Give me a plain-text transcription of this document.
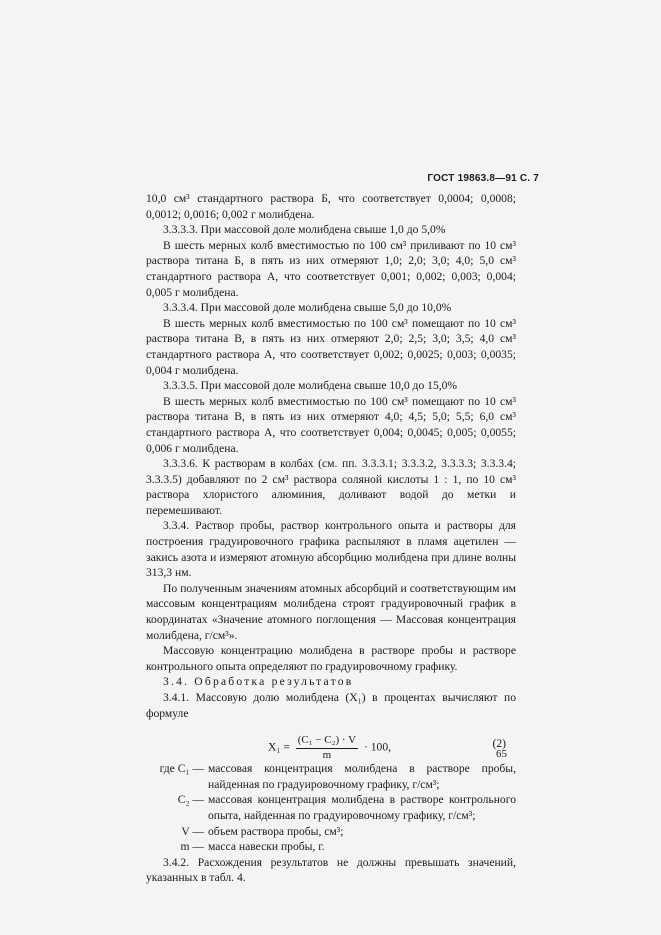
ГОСТ 19863.8—91 С. 7

10,0 см³ стандартного раствора Б, что соответствует 0,0004; 0,0008; 0,0012; 0,0016; 0,002 г молибдена.

3.3.3.3. При массовой доле молибдена свыше 1,0 до 5,0%

В шесть мерных колб вместимостью по 100 см³ приливают по 10 см³ раствора титана Б, в пять из них отмеряют 1,0; 2,0; 3,0; 4,0; 5,0 см³ стандартного раствора А, что соответствует 0,001; 0,002; 0,003; 0,004; 0,005 г молибдена.

3.3.3.4. При массовой доле молибдена свыше 5,0 до 10,0%

В шесть мерных колб вместимостью по 100 см³ помещают по 10 см³ раствора титана В, в пять из них отмеряют 2,0; 2,5; 3,0; 3,5; 4,0 см³ стандартного раствора А, что соответствует 0,002; 0,0025; 0,003; 0,0035; 0,004 г молибдена.

3.3.3.5. При массовой доле молибдена свыше 10,0 до 15,0%

В шесть мерных колб вместимостью по 100 см³ помещают по 10 см³ раствора титана В, в пять из них отмеряют 4,0; 4,5; 5,0; 5,5; 6,0 см³ стандартного раствора А, что соответствует 0,004; 0,0045; 0,005; 0,0055; 0,006 г молибдена.

3.3.3.6. К растворам в колбах (см. пп. 3.3.3.1; 3.3.3.2, 3.3.3.3; 3.3.3.4; 3.3.3.5) добавляют по 2 см³ раствора соляной кислоты 1 : 1, по 10 см³ раствора хлористого алюминия, доливают водой до метки и перемешивают.

3.3.4. Раствор пробы, раствор контрольного опыта и растворы для построения градуировочного графика распыляют в пламя ацетилен — закись азота и измеряют атомную абсорбцию молибдена при длине волны 313,3 нм.

По полученным значениям атомных абсорбций и соответствующим им массовым концентрациям молибдена строят градуировочный график в координатах «Значение атомного поглощения — Массовая концентрация молибдена, г/см³».

Массовую концентрацию молибдена в растворе пробы и растворе контрольного опыта определяют по градуировочному графику.

3.4. Обработка результатов

3.4.1. Массовую долю молибдена (X₁) в процентах вычисляют по формуле

$X_1 = \frac{\text{(C₁ − C₂) · V}}{m} \cdot 100$,	(2)
где C₁ — массовая концентрация молибдена в растворе пробы, найденная по градуировочному графику, г/см³;
C₂ — массовая концентрация молибдена в растворе контрольного опыта, найденная по градуировочному графику, г/см³;
V — объем раствора пробы, см³;
m — масса навески пробы, г.

3.4.2. Расхождения результатов не должны превышать значений, указанных в табл. 4.

65
